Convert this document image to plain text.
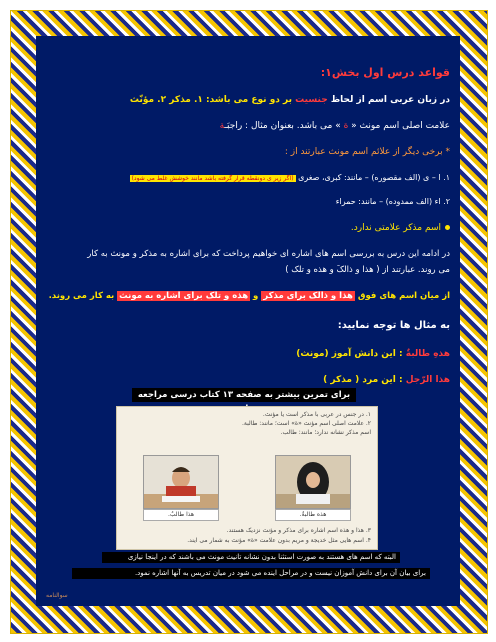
قواعد درس اول بخش۱:
در زبان عربی اسم از لحاظ جنسیت بر دو نوع می باشد: ۱. مذکر ۲. مؤنّث
علامت اصلی اسم مونث « ة » می باشد. بعنوان مثال : راجبَـة
* برخی دیگر از علائم اسم مونث عبارتند از :
۱. ا – ی (الف مقصوره) – مانند: کبری، صغری (اگر زیر ی دونقطه قرار گرفته باشد مانند خوشش غلط می شود)
۲. اء (الف ممدوده) – مانند: حمراء
اسم مذکر علامتی ندارد.
در ادامه این درس به بررسی اسم های اشاره ای خواهیم پرداخت که برای اشاره به مذکر و مونث به کار
می روند. عبارتند از ( هذا و ذالکَ و هذه و تلک )
از میان اسم های فوق هذا و ذالک برای مذکر و هذه و تلک برای اشاره به مونث به کار می روند.
به مثال ها توجه نمایید:
هذهِ طالبةٌ : این دانش آموز (مونث)
هذا الرّجل : این مرد ( مذکر )
برای تمرین بیشتر به صفحه ۱۳ کتاب درسی مراجعه
۱. در جنس در عربی با مذکر است یا مؤنث.
۲. علامت اصلی اسم مؤنث «ة» است؛ مانند: طالبة.
اسم مذکر نشانه ندارد؛ مانند: طالب.
هذه طالبةٌ.
هذا طالبٌ.
۳. هذا و هذه اسم اشاره برای مذکر و مؤنث نزدیک هستند.
۴. اسم هایی مثل خدیجة و مریم بدون علامت «ة» مؤنث به شمار می آیند.
البته که اسم های هستند به صورت استثنا بدون نشانه تانیث مونث می باشند که در اینجا نیازی
برای بیان آن برای دانش آموزان نیست و در مراحل اینده می شود در میان تدریس به آنها اشاره نمود.
سوالنامه
